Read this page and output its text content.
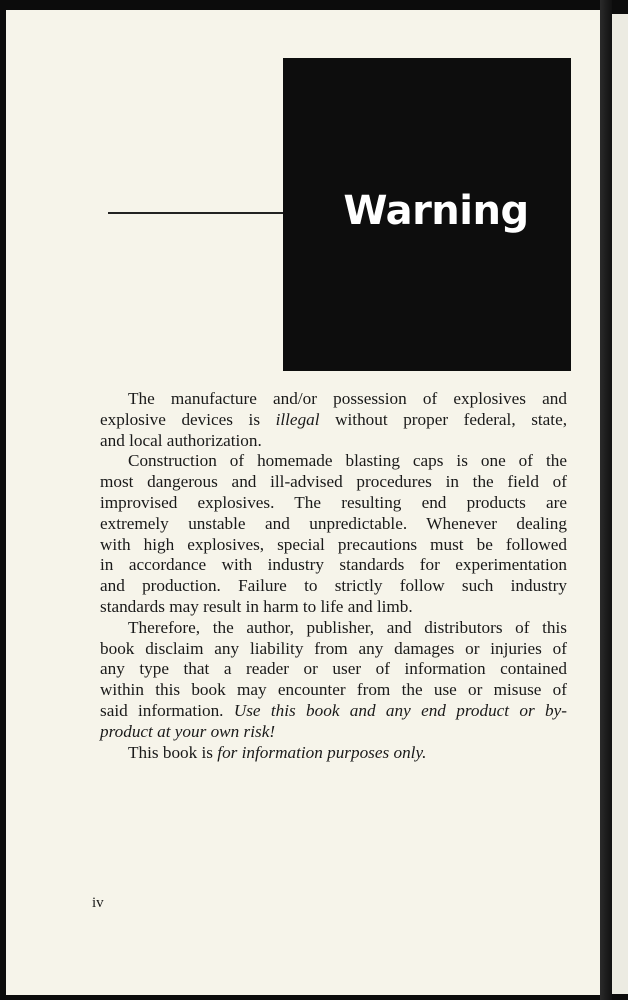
Warning
The manufacture and/or possession of explosives and
explosive devices is illegal without proper federal, state,
and local authorization.
Construction of homemade blasting caps is one of the
most dangerous and ill-advised procedures in the field of
improvised explosives. The resulting end products are
extremely unstable and unpredictable. Whenever dealing
with high explosives, special precautions must be followed
in accordance with industry standards for experimentation
and production. Failure to strictly follow such industry
standards may result in harm to life and limb.
Therefore, the author, publisher, and distributors of this
book disclaim any liability from any damages or injuries of
any type that a reader or user of information contained
within this book may encounter from the use or misuse of
said information. Use this book and any end product or by-
product at your own risk!
This book is for information purposes only.
iv
